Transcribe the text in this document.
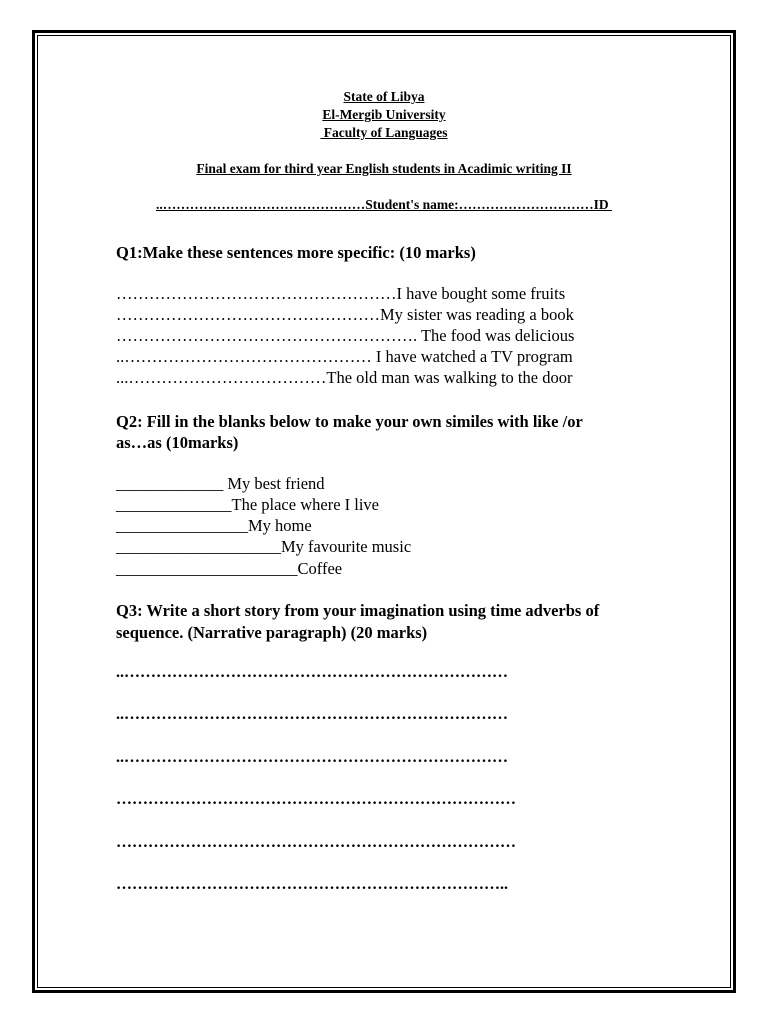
State of Libya
El-Mergib University
Faculty of Languages
Final exam for third year English students in Acadimic writing II
..………………………………………Student's name:…………………………ID
Q1:Make these sentences more specific: (10 marks)
……………………………………………I have bought some fruits
…………………………………………My sister was reading a book
………………………………………………. The food was delicious
..……………………………………… I have watched a TV program
...………………………………The old man was walking to the door
Q2: Fill in the blanks below to make your own similes with like /or
as…as (10marks)
_____________ My best friend
______________The place where I live
________________My home
____________________My favourite music
______________________Coffee
Q3: Write a short story from your imagination using time adverbs of
sequence. (Narrative paragraph) (20 marks)
..………………………………………………………………
..………………………………………………………………
..………………………………………………………………
…………………………………………………………………
…………………………………………………………………
………………………………………………………………..
